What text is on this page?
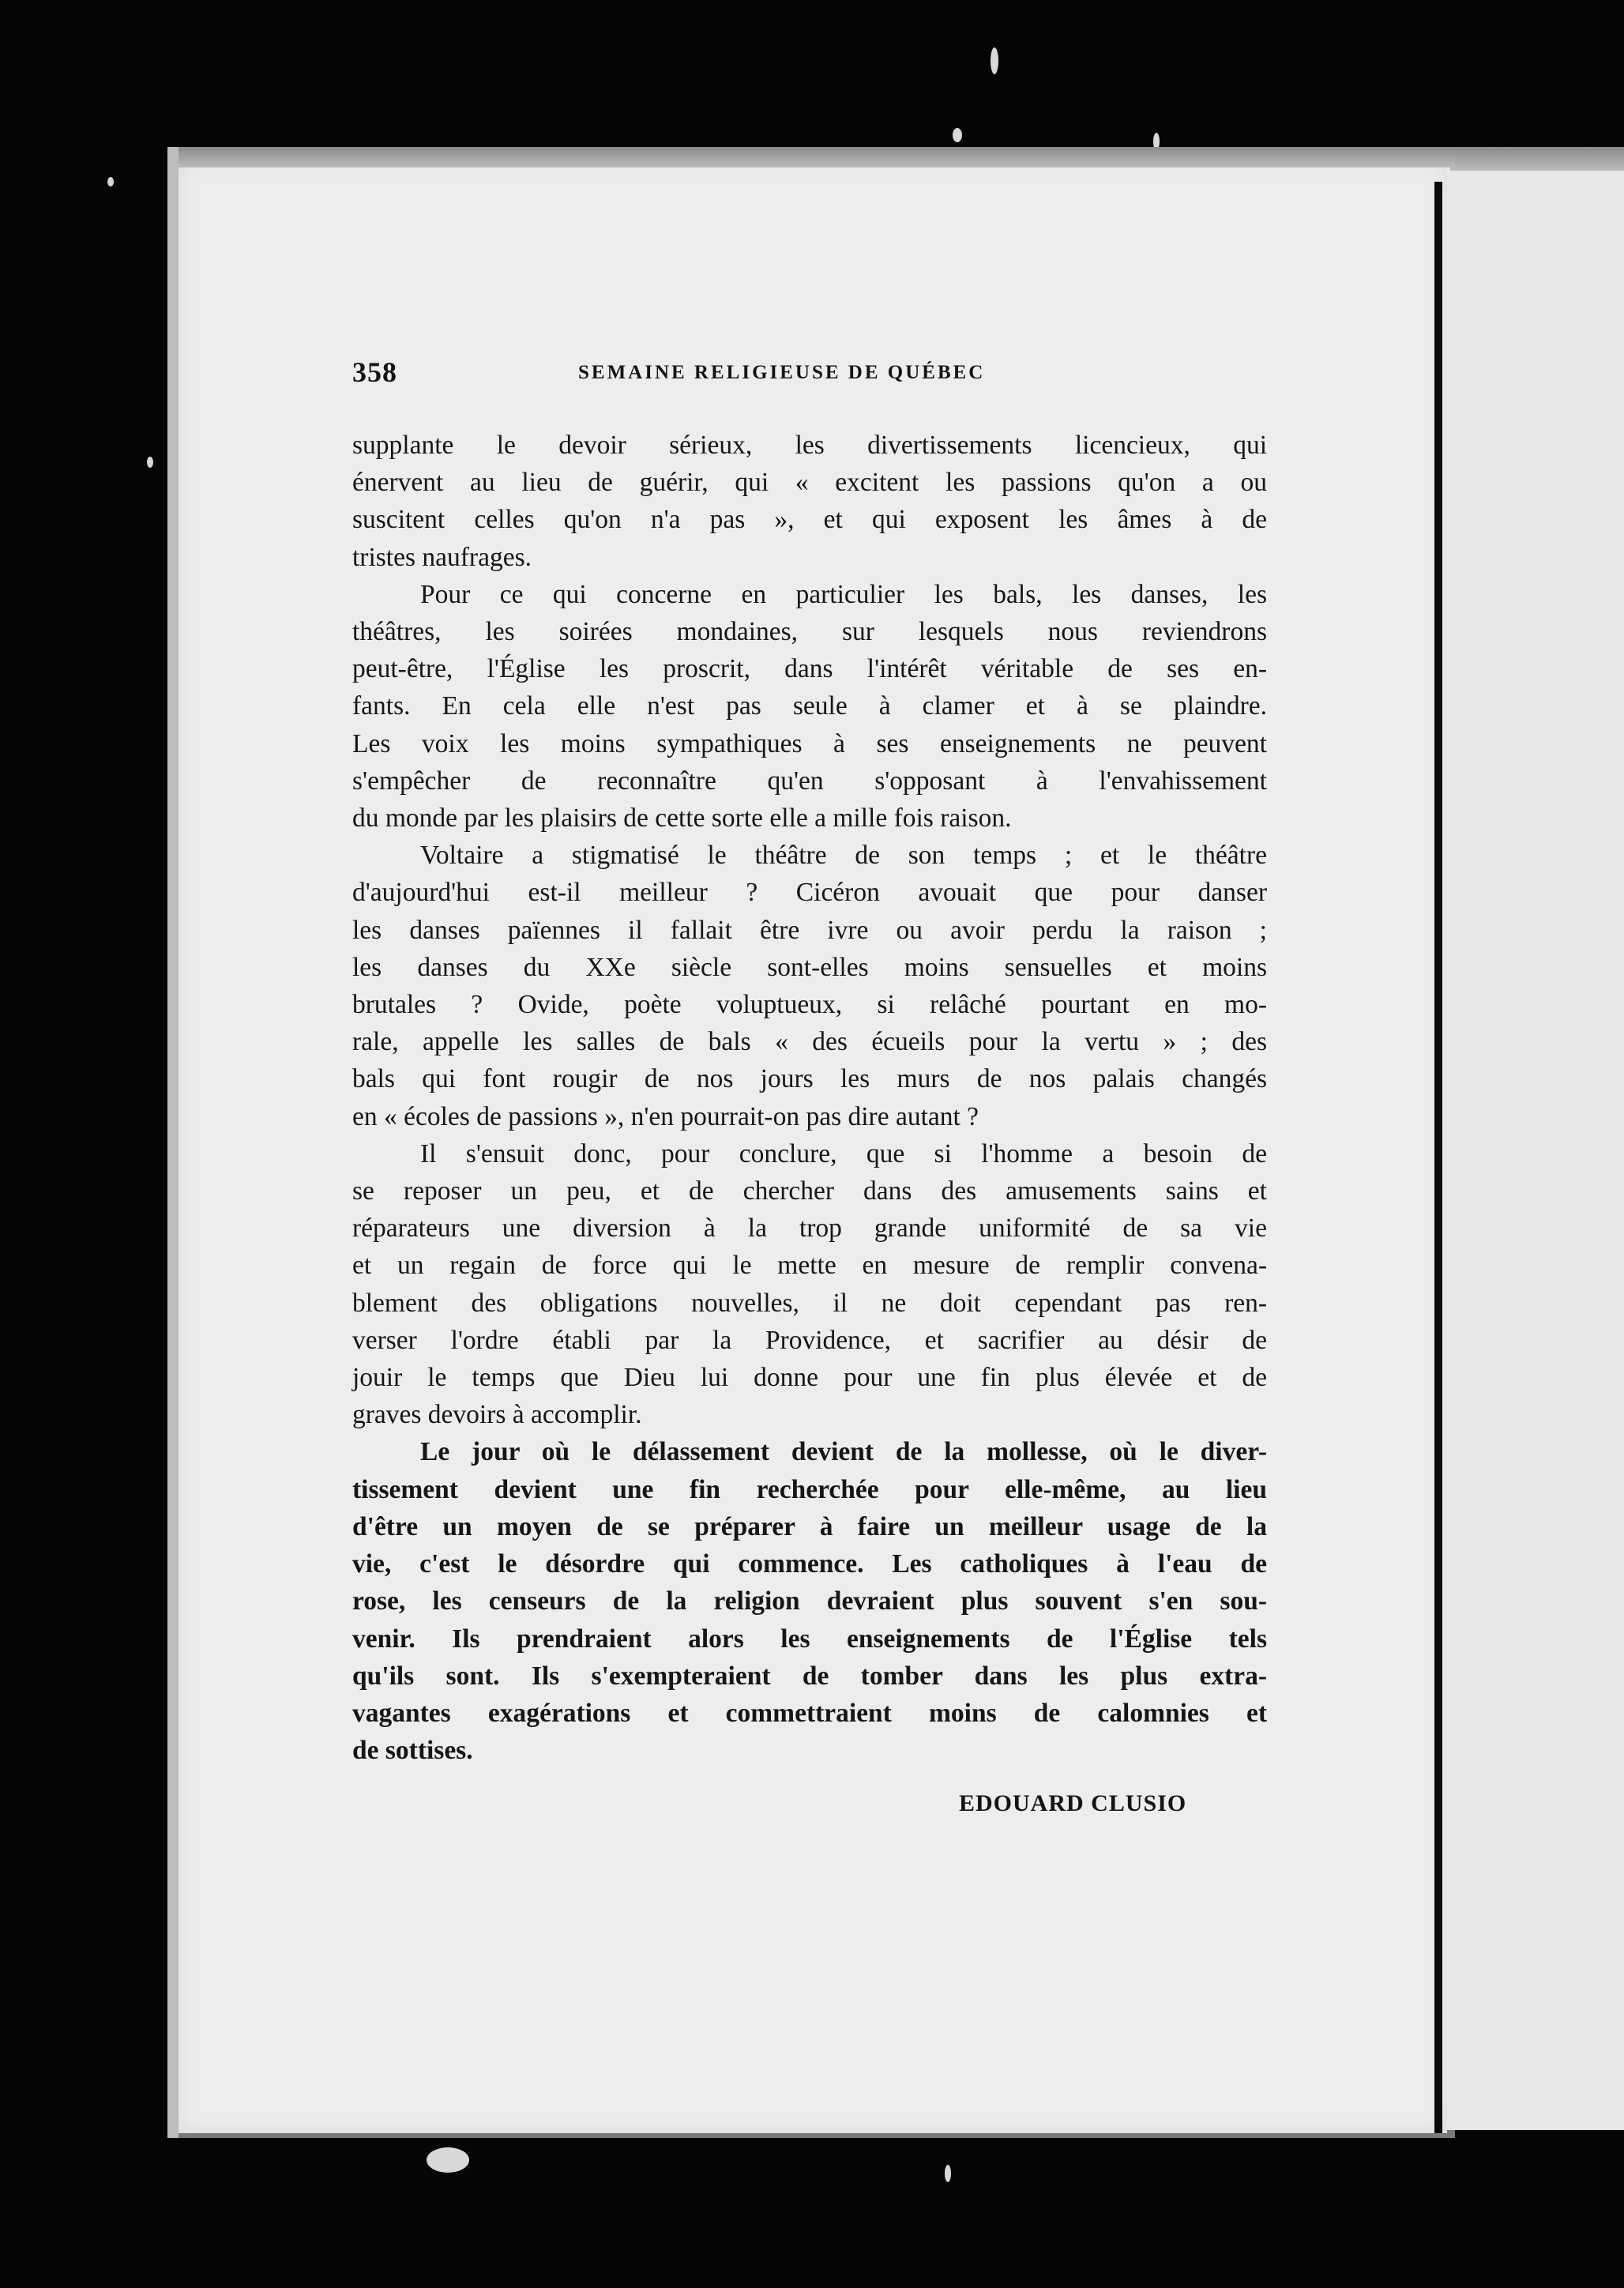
358	SEMAINE RELIGIEUSE DE QUÉBEC
supplante le devoir sérieux, les divertissements licencieux, qui
énervent au lieu de guérir, qui « excitent les passions qu'on a ou
suscitent celles qu'on n'a pas », et qui exposent les âmes à de
tristes naufrages.
Pour ce qui concerne en particulier les bals, les danses, les
théâtres, les soirées mondaines, sur lesquels nous reviendrons
peut-être, l'Église les proscrit, dans l'intérêt véritable de ses en-
fants. En cela elle n'est pas seule à clamer et à se plaindre.
Les voix les moins sympathiques à ses enseignements ne peuvent
s'empêcher de reconnaître qu'en s'opposant à l'envahissement
du monde par les plaisirs de cette sorte elle a mille fois raison.
Voltaire a stigmatisé le théâtre de son temps ; et le théâtre
d'aujourd'hui est-il meilleur ? Cicéron avouait que pour danser
les danses païennes il fallait être ivre ou avoir perdu la raison ;
les danses du XXe siècle sont-elles moins sensuelles et moins
brutales ? Ovide, poète voluptueux, si relâché pourtant en mo-
rale, appelle les salles de bals « des écueils pour la vertu » ; des
bals qui font rougir de nos jours les murs de nos palais changés
en « écoles de passions », n'en pourrait-on pas dire autant ?
Il s'ensuit donc, pour conclure, que si l'homme a besoin de
se reposer un peu, et de chercher dans des amusements sains et
réparateurs une diversion à la trop grande uniformité de sa vie
et un regain de force qui le mette en mesure de remplir convena-
blement des obligations nouvelles, il ne doit cependant pas ren-
verser l'ordre établi par la Providence, et sacrifier au désir de
jouir le temps que Dieu lui donne pour une fin plus élevée et de
graves devoirs à accomplir.
Le jour où le délassement devient de la mollesse, où le diver-
tissement devient une fin recherchée pour elle-même, au lieu
d'être un moyen de se préparer à faire un meilleur usage de la
vie, c'est le désordre qui commence. Les catholiques à l'eau de
rose, les censeurs de la religion devraient plus souvent s'en sou-
venir. Ils prendraient alors les enseignements de l'Église tels
qu'ils sont. Ils s'exempteraient de tomber dans les plus extra-
vagantes exagérations et commettraient moins de calomnies et
de sottises.
EDOUARD CLUSIO
